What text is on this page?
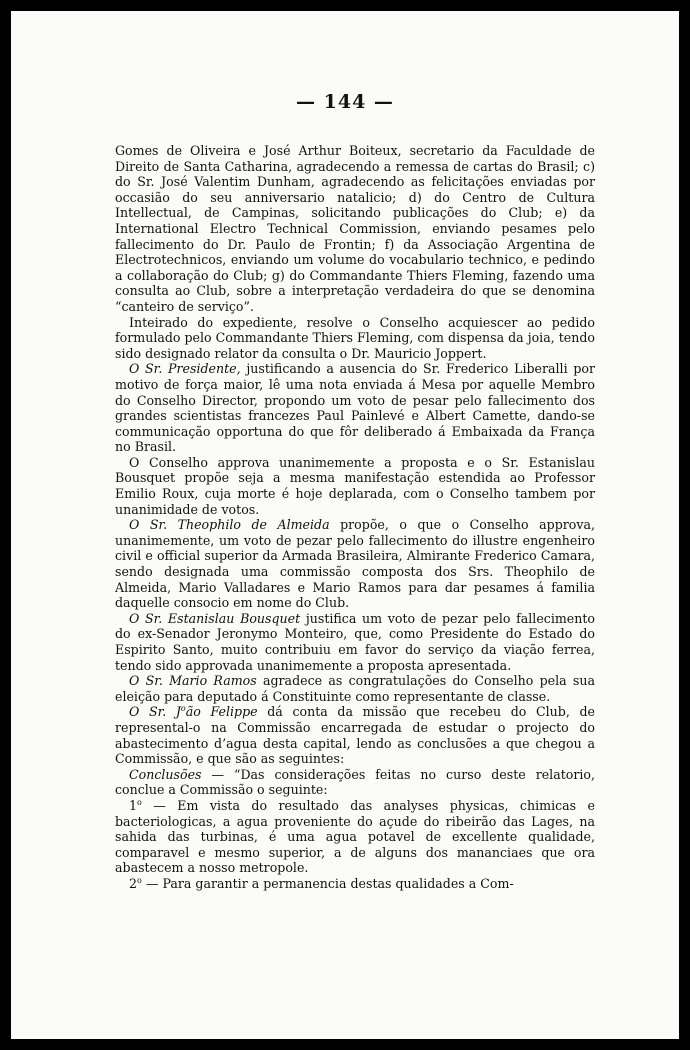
— 144 —

Gomes de Oliveira e José Arthur Boiteux, secretario da Faculdade de Direito de Santa Catharina, agradecendo a remessa de cartas do Brasil; c) do Sr. José Valentim Dunham, agradecendo as felicitações enviadas por occasião do seu anniversario natalicio; d) do Centro de Cultura Intellectual, de Campinas, solicitando publicações do Club; e) da International Electro Technical Commission, enviando pesames pelo fallecimento do Dr. Paulo de Frontin; f) da Associação Argentina de Electrotechnicos, enviando um volume do vocabulario technico, e pedindo a collaboração do Club; g) do Commandante Thiers Fleming, fazendo uma consulta ao Club, sobre a interpretação verdadeira do que se denomina “canteiro de serviço”.

Inteirado do expediente, resolve o Conselho acquiescer ao pedido formulado pelo Commandante Thiers Fleming, com dispensa da joia, tendo sido designado relator da consulta o Dr. Mauricio Joppert.

O Sr. Presidente, justificando a ausencia do Sr. Frederico Liberalli por motivo de força maior, lê uma nota enviada á Mesa por aquelle Membro do Conselho Director, propondo um voto de pesar pelo fallecimento dos grandes scientistas francezes Paul Painlevé e Albert Camette, dando-se communicação opportuna do que fôr deliberado á Embaixada da França no Brasil.

O Conselho approva unanimemente a proposta e o Sr. Estanislau Bousquet propõe seja a mesma manifestação estendida ao Professor Emilio Roux, cuja morte é hoje deplarada, com o Conselho tambem por unanimidade de votos.

O Sr. Theophilo de Almeida propõe, o que o Conselho approva, unanimemente, um voto de pezar pelo fallecimento do illustre engenheiro civil e official superior da Armada Brasileira, Almirante Frederico Camara, sendo designada uma commissão composta dos Srs. Theophilo de Almeida, Mario Valladares e Mario Ramos para dar pesames á familia daquelle consocio em nome do Club.

O Sr. Estanislau Bousquet justifica um voto de pezar pelo fallecimento do ex-Senador Jeronymo Monteiro, que, como Presidente do Estado do Espirito Santo, muito contribuiu em favor do serviço da viação ferrea, tendo sido approvada unanimemente a proposta apresentada.

O Sr. Mario Ramos agradece as congratulações do Conselho pela sua eleição para deputado á Constituinte como representante de classe.

O Sr. $J^oão$ Felippe dá conta da missão que recebeu do Club, de represental-o na Commissão encarregada de estudar o projecto do abastecimento d’agua desta capital, lendo as conclusões a que chegou a Commissão, e que são as seguintes:

Conclusões — “Das considerações feitas no curso deste relatorio, conclue a Commissão o seguinte:

1$^o$ — Em vista do resultado das analyses physicas, chimicas e bacteriologicas, a agua proveniente do açude do ribeirão das Lages, na sahida das turbinas, é uma agua potavel de excellente qualidade, comparavel e mesmo superior, a de alguns dos mananciaes que ora abastecem a nosso metropole.

2$^o$ — Para garantir a permanencia destas qualidades a Com-
